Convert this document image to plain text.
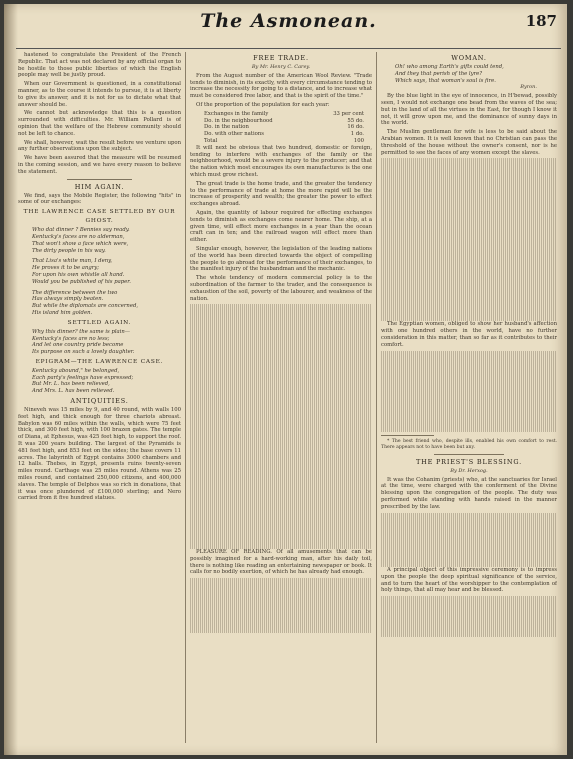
The Asmonean.	187

hastened to congratulate the President of the French Republic. That act was not declared by any official organ to be hostile to those public liberties of which the English people may well be justly proud.

When our Government is questioned, in a constitutional manner, as to the course it intends to pursue, it is at liberty to give its answer, and it is not for us to dictate what that answer should be.

We cannot but acknowledge that this is a question surrounded with difficulties. Mr. William Pollard is of opinion that the welfare of the Hebrew community should not be left to chance.

We shall, however, wait the result before we venture upon any further observations upon the subject.

We have been assured that the measure will be resumed in the coming session, and we have every reason to believe the statement.

HIM AGAIN.

We find, says the Mobile Register, the following "hits" in some of our exchanges:

THE LAWRENCE CASE SETTLED BY OUR GHOST.

Who dat dinner ? Bennies say ready.

Kentucky's faces are no alderman,

That won't show a face which were,

The dirty people in his way.

That Lisa's white man, I deny,

He proves it to be angry;

For upon his own whistle all hand.

Would you be published of his paper.

The difference between the two

Has always simply beaten.

But while the diplomats are concerned,

His island him golden.

SETTLED AGAIN.

Why this dinner? the same is plain—

Kentucky's faces are no less;

And let one country pride become

Its purpose on such a lovely daughter.

EPIGRAM—THE LAWRENCE CASE.

Kentucky abound," he belonged,

Each party's feelings have expressed;

But Mr. L. has been relieved,

And Mrs. L. has been relieved.

ANTIQUITIES.

Nineveh was 15 miles by 9, and 40 round, with walls 100 feet high, and thick enough for three chariots abreast. Babylon was 60 miles within the walls, which were 75 feet thick, and 300 feet high, with 100 brazen gates. The temple of Diana, at Ephesus, was 425 feet high, to support the roof. It was 200 years building. The largest of the Pyramids is 481 feet high, and 853 feet on the sides; the base covers 11 acres. The labyrinth of Egypt contains 3000 chambers and 12 halls. Thebes, in Egypt, presents ruins twenty-seven miles round. Carthage was 25 miles round. Athens was 25 miles round, and contained 250,000 citizens, and 400,000 slaves. The temple of Delphos was so rich in donations, that it was once plundered of £100,000 sterling; and Nero carried from it five hundred statues.

FREE TRADE.
By Mr. Henry C. Carey.

From the August number of the American Wool Review. "Trade tends to diminish, in its exactly, with every circumstance tending to increase the necessity for going to a distance, and to increase what must be considered free labor, and that is the spirit of the time."

Of the proportion of the population for each year:

Exchanges in the family	33 per cent
Do. in the neighbourhood	55 do.
Do. in the nation	16 do.
Do. with other nations	1 do.
Total	100

It will next be obvious that two hundred, domestic or foreign, tending to interfere with exchanges of the family or the neighbourhood, would be a severe injury to the producer; and that the nation which most encourages its own manufactures is the one which must grow richest.

The great trade is the home trade, and the greater the tendency to the performance of trade at home the more rapid will be the increase of prosperity and wealth; the greater the power to effect exchanges abroad.

Again, the quantity of labour required for effecting exchanges tends to diminish as exchanges come nearer home. The ship, at a given time, will effect more exchanges in a year than the ocean craft can in ten; and the railroad wagon will effect more than either.

Singular enough, however, the legislation of the leading nations of the world has been directed towards the object of compelling the people to go abroad for the performance of their exchanges, to the manifest injury of the husbandman and the mechanic.

The whole tendency of modern commercial policy is to the subordination of the farmer to the trader, and the consequence is exhaustion of the soil, poverty of the labourer, and weakness of the nation.

PLEASURE OF READING. Of all amusements that can be possibly imagined for a hard-working man, after his daily toil, there is nothing like reading an entertaining newspaper or book. It calls for no bodily exertion, of which he has already had enough.

WOMAN.

Oh! who among Earth's gifts could tend,

And they that perish of the lyre?

Which says, that woman's soul is fire.

Byron.

By the blue light in the eye of innocence, in H'bewad, possibly seen, I would not exchange one bead from the waves of the sea; but in the land of all the virtues in the East, for though I know it not, it will grow upon me, and the dominance of sunny days in the world.

The Muslim gentleman for wife is less to be said about the Arabian women. It is well known that no Christian can pass the threshold of the house without the owner's consent, nor is he permitted to see the faces of any women except the slaves.

The Egyptian women, obliged to show her husband's affection with one hundred others in the world, have no further consideration in this matter, than so far as it contributes to their comfort.

* The best friend who, despite ills, enabled his own comfort to rest. There appears not to have been but any.

THE PRIEST'S BLESSING.
By Dr. Herxog.

It was the Cohanim (priests) who, at the sanctuaries for Israel at the time, were charged with the conferment of the Divine blessing upon the congregation of the people. The duty was performed while standing with hands raised in the manner prescribed by the law.

A principal object of this impressive ceremony is to impress upon the people the deep spiritual significance of the service, and to turn the heart of the worshipper to the contemplation of holy things, that all may hear and be blessed.
